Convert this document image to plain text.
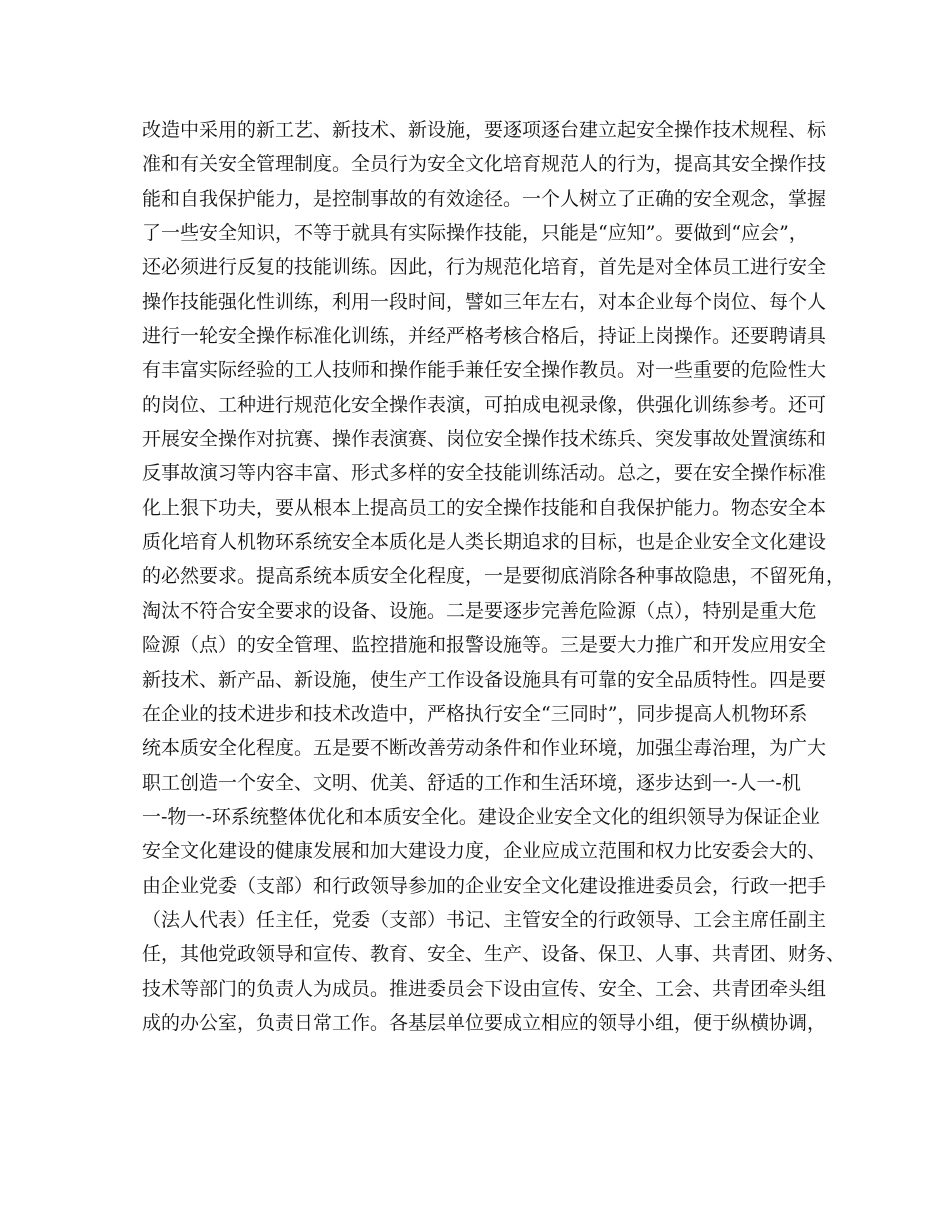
改造中采用的新工艺、新技术、新设施，要逐项逐台建立起安全操作技术规程、标
准和有关安全管理制度。全员行为安全文化培育规范人的行为，提高其安全操作技
能和自我保护能力，是控制事故的有效途径。一个人树立了正确的安全观念，掌握
了一些安全知识，不等于就具有实际操作技能，只能是“应知”。要做到“应会”，
还必须进行反复的技能训练。因此，行为规范化培育，首先是对全体员工进行安全
操作技能强化性训练，利用一段时间，譬如三年左右，对本企业每个岗位、每个人
进行一轮安全操作标准化训练，并经严格考核合格后，持证上岗操作。还要聘请具
有丰富实际经验的工人技师和操作能手兼任安全操作教员。对一些重要的危险性大
的岗位、工种进行规范化安全操作表演，可拍成电视录像，供强化训练参考。还可
开展安全操作对抗赛、操作表演赛、岗位安全操作技术练兵、突发事故处置演练和
反事故演习等内容丰富、形式多样的安全技能训练活动。总之，要在安全操作标准
化上狠下功夫，要从根本上提高员工的安全操作技能和自我保护能力。物态安全本
质化培育人机物环系统安全本质化是人类长期追求的目标，也是企业安全文化建设
的必然要求。提高系统本质安全化程度，一是要彻底消除各种事故隐患，不留死角，
淘汰不符合安全要求的设备、设施。二是要逐步完善危险源（点），特别是重大危
险源（点）的安全管理、监控措施和报警设施等。三是要大力推广和开发应用安全
新技术、新产品、新设施，使生产工作设备设施具有可靠的安全品质特性。四是要
在企业的技术进步和技术改造中，严格执行安全“三同时”，同步提高人机物环系
统本质安全化程度。五是要不断改善劳动条件和作业环境，加强尘毒治理，为广大
职工创造一个安全、文明、优美、舒适的工作和生活环境，逐步达到一-人一-机
一-物一-环系统整体优化和本质安全化。建设企业安全文化的组织领导为保证企业
安全文化建设的健康发展和加大建设力度，企业应成立范围和权力比安委会大的、
由企业党委（支部）和行政领导参加的企业安全文化建设推进委员会，行政一把手
（法人代表）任主任，党委（支部）书记、主管安全的行政领导、工会主席任副主
任，其他党政领导和宣传、教育、安全、生产、设备、保卫、人事、共青团、财务、
技术等部门的负责人为成员。推进委员会下设由宣传、安全、工会、共青团牵头组
成的办公室，负责日常工作。各基层单位要成立相应的领导小组，便于纵横协调，
